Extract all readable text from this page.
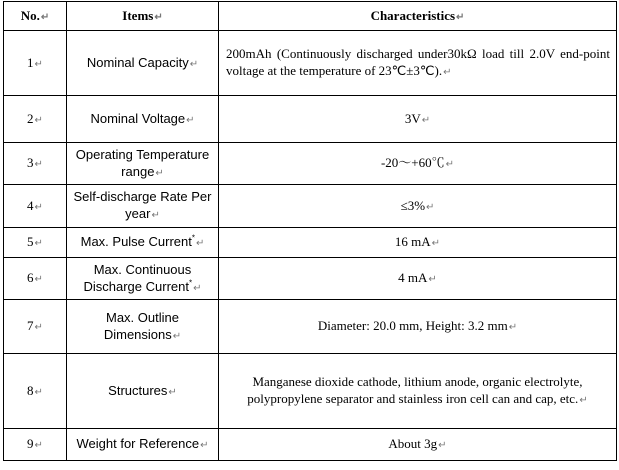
No.↵	Items↵	Characteristics↵
1↵	Nominal Capacity↵	200mAh (Continuously discharged under30kΩ load till 2.0V end-point voltage at the temperature of 23℃±3℃).↵
2↵	Nominal Voltage↵	3V↵
3↵	Operating Temperature range↵	-20～+60℃↵
4↵	Self-discharge Rate Per year↵	≤3%↵
5↵	Max. Pulse Current*↵	16 mA↵
6↵	Max. Continuous Discharge Current*↵	4 mA↵
7↵	Max. Outline Dimensions↵	Diameter: 20.0 mm, Height: 3.2 mm↵
8↵	Structures↵	Manganese dioxide cathode, lithium anode, organic electrolyte, polypropylene separator and stainless iron cell can and cap, etc.↵
9↵	Weight for Reference↵	About 3g↵
